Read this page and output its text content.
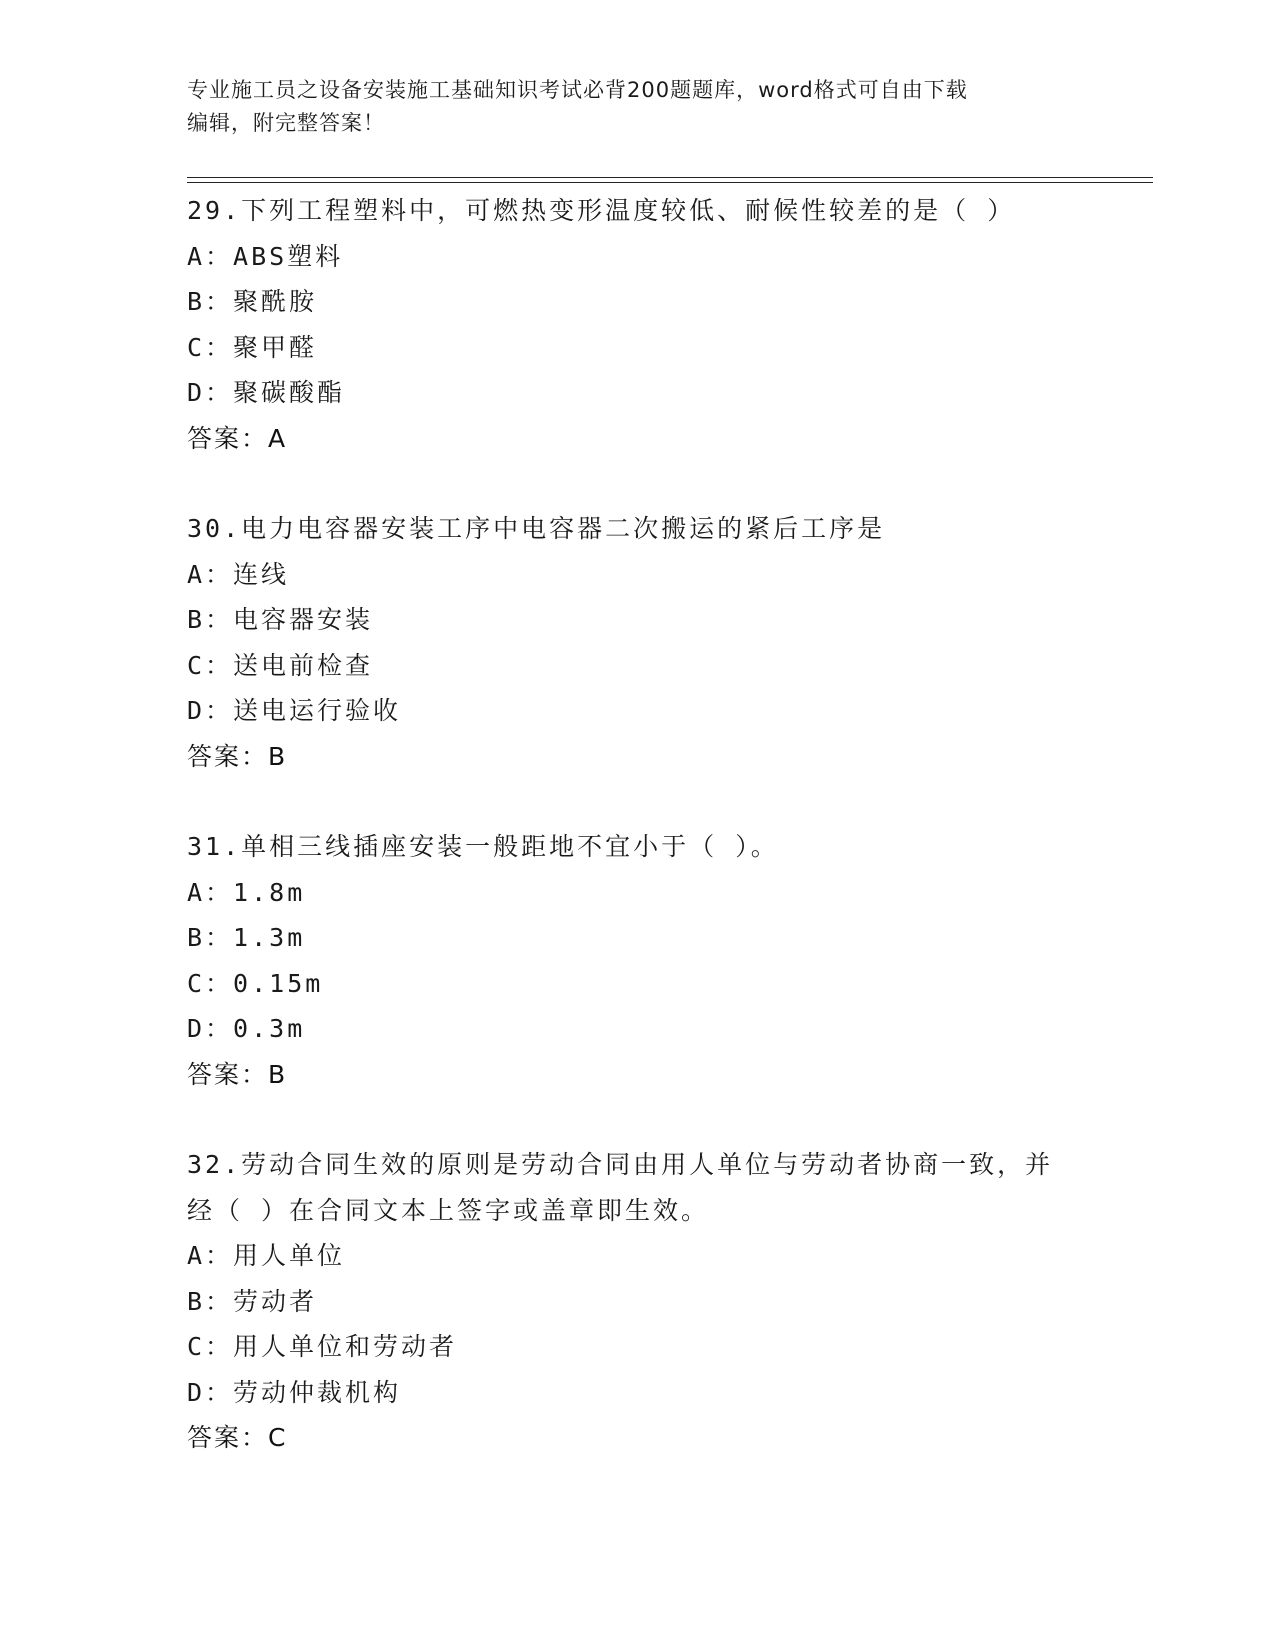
专业施工员之设备安装施工基础知识考试必背200题题库，word格式可自由下载
编辑，附完整答案！
29.下列工程塑料中，可燃热变形温度较低、耐候性较差的是（ ）
A：ABS塑料
B：聚酰胺
C：聚甲醛
D：聚碳酸酯
答案：A
30.电力电容器安装工序中电容器二次搬运的紧后工序是
A：连线
B：电容器安装
C：送电前检查
D：送电运行验收
答案：B
31.单相三线插座安装一般距地不宜小于（ ）。
A：1.8m
B：1.3m
C：0.15m
D：0.3m
答案：B
32.劳动合同生效的原则是劳动合同由用人单位与劳动者协商一致，并
经（ ）在合同文本上签字或盖章即生效。
A：用人单位
B：劳动者
C：用人单位和劳动者
D：劳动仲裁机构
答案：C
